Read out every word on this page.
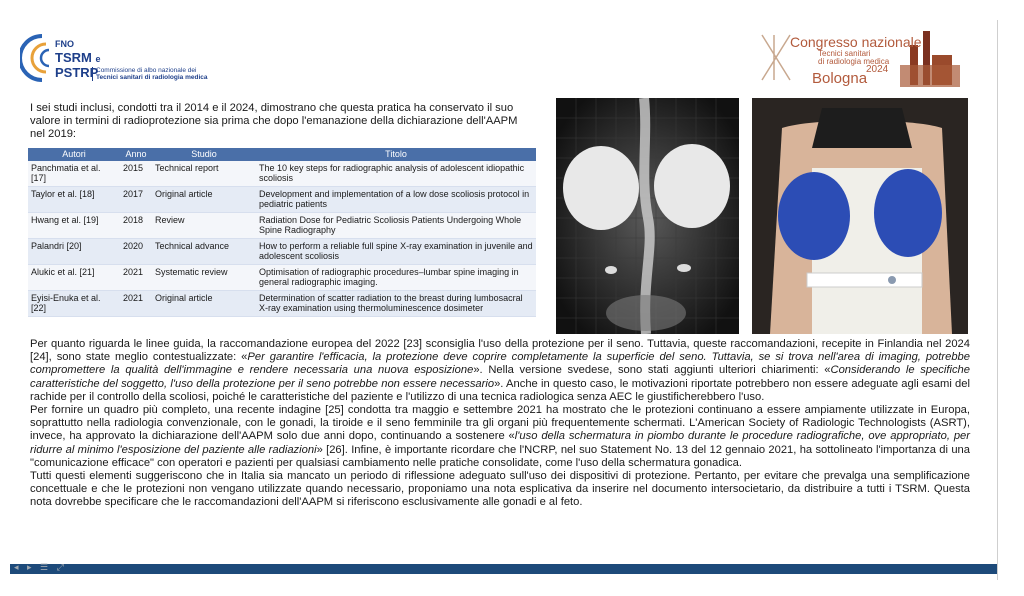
FNO
TSRM e
PSTRP
Commissione di albo nazionale dei
Tecnici sanitari di radiologia medica
Congresso nazionale
Tecnici sanitari
di radiologia medica
Bologna
2024
I sei studi inclusi, condotti tra il 2014 e il 2024, dimostrano che questa pratica ha conservato il suo valore in termini di radioprotezione sia prima che dopo l'emanazione della dichiarazione dell'AAPM nel 2019:
Autori	Anno	Studio	Titolo
Panchmatia et al. [17]	2015	Technical report	The 10 key steps for radiographic analysis of adolescent idiopathic scoliosis
Taylor et al. [18]	2017	Original article	Development and implementation of a low dose scoliosis protocol in pediatric patients
Hwang et al. [19]	2018	Review	Radiation Dose for Pediatric Scoliosis Patients Undergoing Whole Spine Radiography
Palandri [20]	2020	Technical advance	How to perform a reliable full spine X-ray examination in juvenile and adolescent scoliosis
Alukic et al. [21]	2021	Systematic review	Optimisation of radiographic procedures–lumbar spine imaging in general radiographic imaging.
Eyisi-Enuka et al. [22]	2021	Original article	Determination of scatter radiation to the breast during lumbosacral X-ray examination using thermoluminescence dosimeter

Per quanto riguarda le linee guida, la raccomandazione europea del 2022 [23] sconsiglia l'uso della protezione per il seno. Tuttavia, queste raccomandazioni, recepite in Finlandia nel 2024 [24], sono state meglio contestualizzate: «Per garantire l'efficacia, la protezione deve coprire completamente la superficie del seno. Tuttavia, se si trova nell'area di imaging, potrebbe compromettere la qualità dell'immagine e rendere necessaria una nuova esposizione». Nella versione svedese, sono stati aggiunti ulteriori chiarimenti: «Considerando le specifiche caratteristiche del soggetto, l'uso della protezione per il seno potrebbe non essere necessario». Anche in questo caso, le motivazioni riportate potrebbero non essere adeguate agli esami del rachide per il controllo della scoliosi, poiché le caratteristiche del paziente e l'utilizzo di una tecnica radiologica senza AEC le giustificherebbero l'uso.

Per fornire un quadro più completo, una recente indagine [25] condotta tra maggio e settembre 2021 ha mostrato che le protezioni continuano a essere ampiamente utilizzate in Europa, soprattutto nella radiologia convenzionale, con le gonadi, la tiroide e il seno femminile tra gli organi più frequentemente schermati. L'American Society of Radiologic Technologists (ASRT), invece, ha approvato la dichiarazione dell'AAPM solo due anni dopo, continuando a sostenere «l'uso della schermatura in piombo durante le procedure radiografiche, ove appropriato, per ridurre al minimo l'esposizione del paziente alle radiazioni» [26]. Infine, è importante ricordare che l'NCRP, nel suo Statement No. 13 del 12 gennaio 2021, ha sottolineato l'importanza di una "comunicazione efficace" con operatori e pazienti per qualsiasi cambiamento nelle pratiche consolidate, come l'uso della schermatura gonadica.

Tutti questi elementi suggeriscono che in Italia sia mancato un periodo di riflessione adeguato sull'uso dei dispositivi di protezione. Pertanto, per evitare che prevalga una semplificazione concettuale e che le protezioni non vengano utilizzate quando necessario, proponiamo una nota esplicativa da inserire nel documento intersocietario, da distribuire a tutti i TSRM. Questa nota dovrebbe specificare che le raccomandazioni dell'AAPM si riferiscono esclusivamente alle gonadi e al feto.

◂ ▸ ☰ ⤢
